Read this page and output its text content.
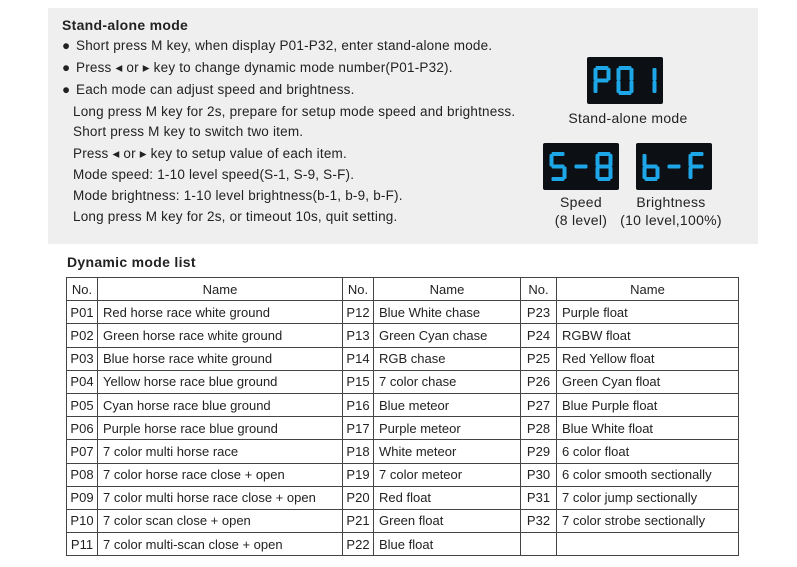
Stand-alone mode
● Short press M key, when display P01-P32, enter stand-alone mode.
● Press ◂ or ▸ key to change dynamic mode number(P01-P32).
● Each mode can adjust speed and brightness.
Long press M key for 2s, prepare for setup mode speed and brightness.
Short press M key to switch two item.
Press ◂ or ▸ key to setup value of each item.
Mode speed: 1-10 level speed(S-1, S-9, S-F).
Mode brightness: 1-10 level brightness(b-1, b-9, b-F).
Long press M key for 2s, or timeout 10s, quit setting.
Stand-alone mode
Speed
(8 level)
Brightness
(10 level,100%)
Dynamic mode list
No.	Name	No.	Name	No.	Name
P01	Red horse race white ground	P12	Blue White chase	P23	Purple float
P02	Green horse race white ground	P13	Green Cyan chase	P24	RGBW float
P03	Blue horse race white ground	P14	RGB chase	P25	Red Yellow float
P04	Yellow horse race blue ground	P15	7 color chase	P26	Green Cyan float
P05	Cyan horse race blue ground	P16	Blue meteor	P27	Blue Purple float
P06	Purple horse race blue ground	P17	Purple meteor	P28	Blue White float
P07	7 color multi horse race	P18	White meteor	P29	6 color float
P08	7 color horse race close + open	P19	7 color meteor	P30	6 color smooth sectionally
P09	7 color multi horse race close + open	P20	Red float	P31	7 color jump sectionally
P10	7 color scan close + open	P21	Green float	P32	7 color strobe sectionally
P11	7 color multi-scan close + open	P22	Blue float		
